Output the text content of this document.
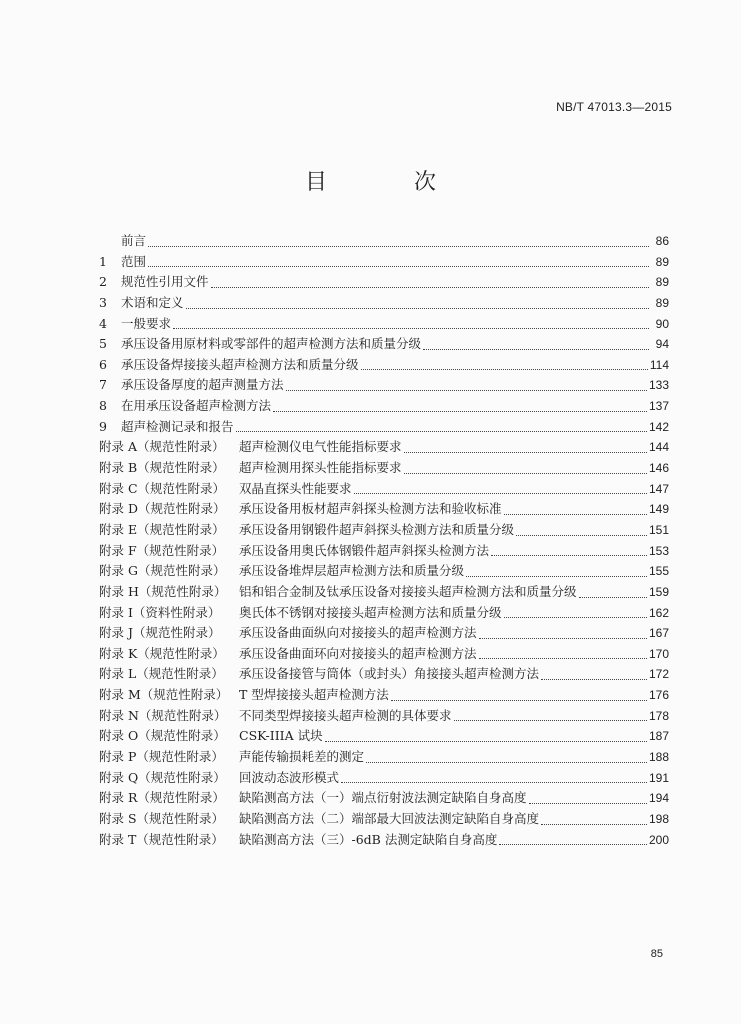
NB/T 47013.3—2015
目 次
前言	86
1	范围	89
2	规范性引用文件	89
3	术语和定义	89
4	一般要求	90
5	承压设备用原材料或零部件的超声检测方法和质量分级	94
6	承压设备焊接接头超声检测方法和质量分级	114
7	承压设备厚度的超声测量方法	133
8	在用承压设备超声检测方法	137
9	超声检测记录和报告	142
附录 A（规范性附录）	超声检测仪电气性能指标要求	144
附录 B（规范性附录）	超声检测用探头性能指标要求	146
附录 C（规范性附录）	双晶直探头性能要求	147
附录 D（规范性附录）	承压设备用板材超声斜探头检测方法和验收标准	149
附录 E（规范性附录）	承压设备用钢锻件超声斜探头检测方法和质量分级	151
附录 F（规范性附录）	承压设备用奥氏体钢锻件超声斜探头检测方法	153
附录 G（规范性附录）	承压设备堆焊层超声检测方法和质量分级	155
附录 H（规范性附录）	铝和铝合金制及钛承压设备对接接头超声检测方法和质量分级	159
附录 I（资料性附录）	奥氏体不锈钢对接接头超声检测方法和质量分级	162
附录 J（规范性附录）	承压设备曲面纵向对接接头的超声检测方法	167
附录 K（规范性附录）	承压设备曲面环向对接接头的超声检测方法	170
附录 L（规范性附录）	承压设备接管与筒体（或封头）角接接头超声检测方法	172
附录 M（规范性附录） T 型焊接接头超声检测方法	176
附录 N（规范性附录）	不同类型焊接接头超声检测的具体要求	178
附录 O（规范性附录）	CSK-IIIA 试块	187
附录 P（规范性附录）	声能传输损耗差的测定	188
附录 Q（规范性附录）	回波动态波形模式	191
附录 R（规范性附录）	缺陷测高方法（一）端点衍射波法测定缺陷自身高度	194
附录 S（规范性附录）	缺陷测高方法（二）端部最大回波法测定缺陷自身高度	198
附录 T（规范性附录）	缺陷测高方法（三）-6dB 法测定缺陷自身高度	200
85
